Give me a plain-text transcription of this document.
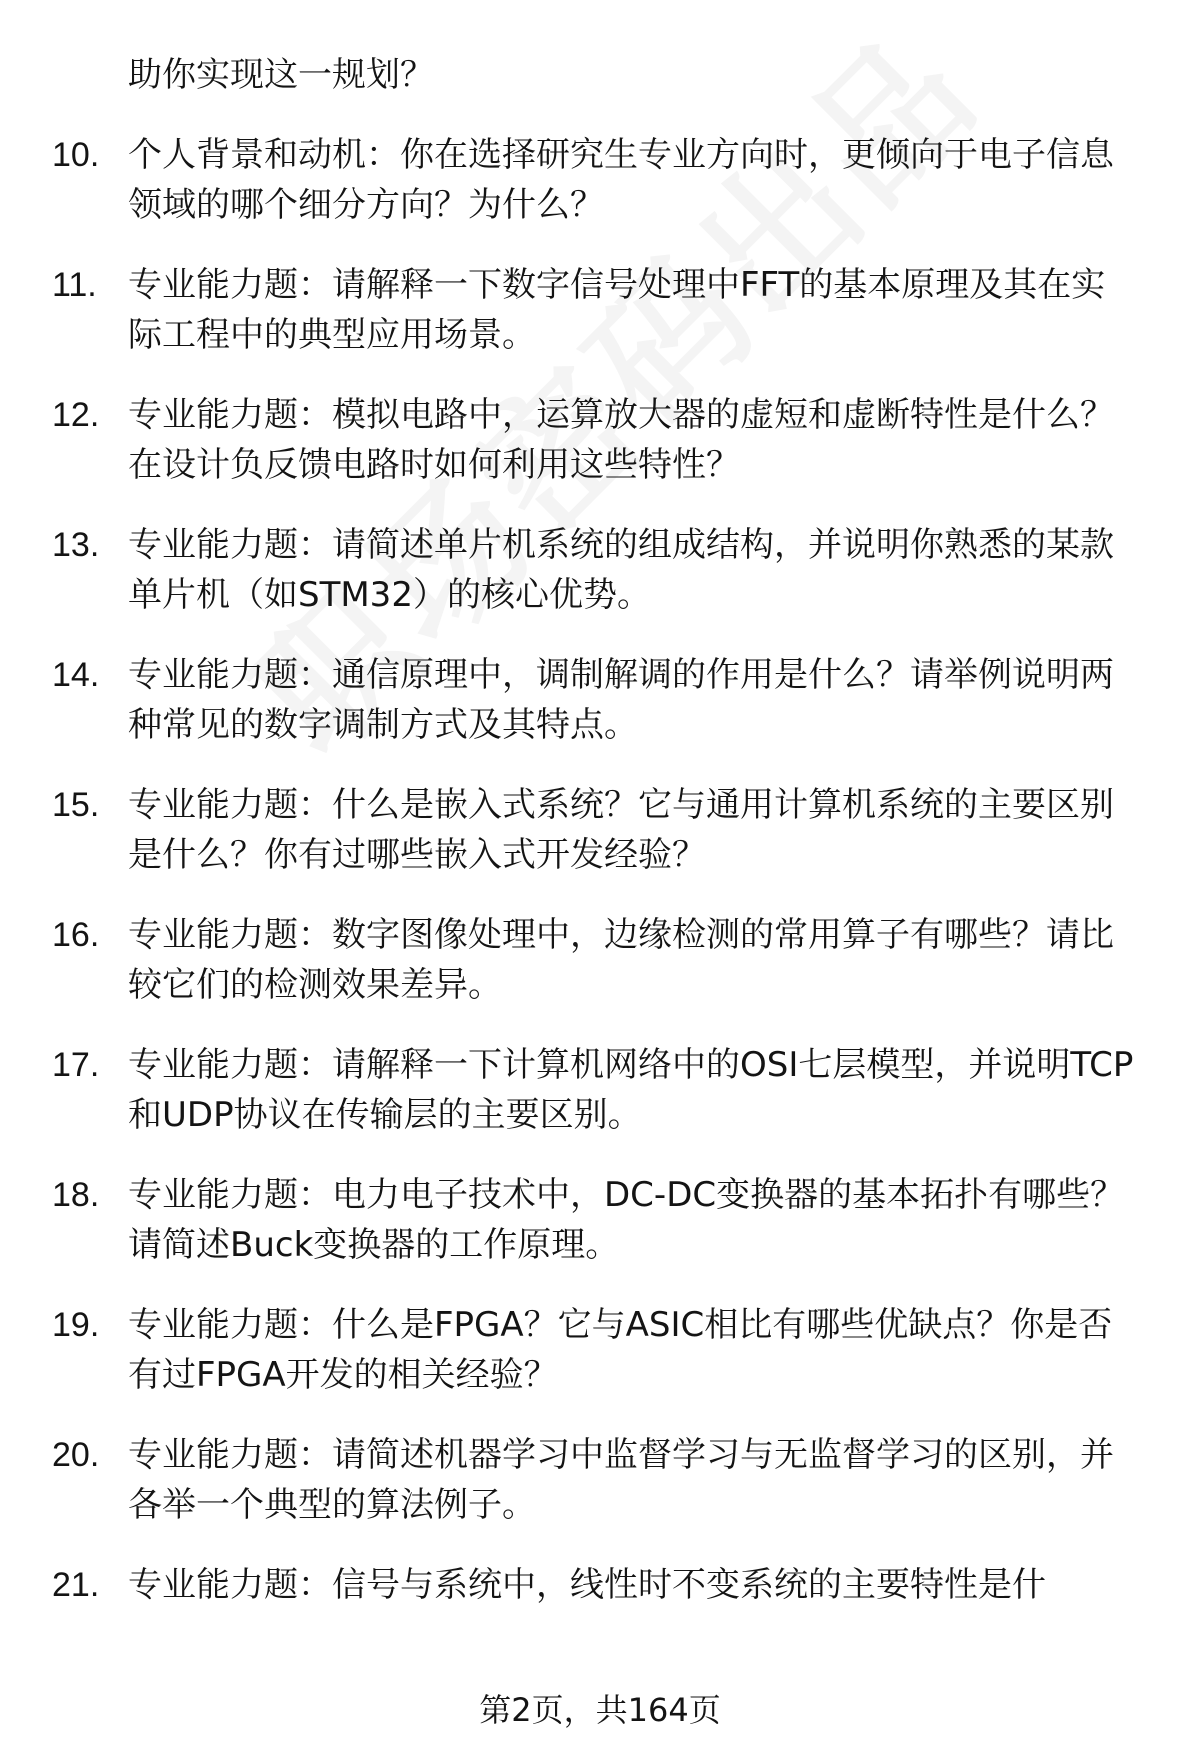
助你实现这一规划？
10. 个人背景和动机：你在选择研究生专业方向时，更倾向于电子信息领域的哪个细分方向？为什么？
11. 专业能力题：请解释一下数字信号处理中FFT的基本原理及其在实际工程中的典型应用场景。
12. 专业能力题：模拟电路中，运算放大器的虚短和虚断特性是什么？在设计负反馈电路时如何利用这些特性？
13. 专业能力题：请简述单片机系统的组成结构，并说明你熟悉的某款单片机（如STM32）的核心优势。
14. 专业能力题：通信原理中，调制解调的作用是什么？请举例说明两种常见的数字调制方式及其特点。
15. 专业能力题：什么是嵌入式系统？它与通用计算机系统的主要区别是什么？你有过哪些嵌入式开发经验？
16. 专业能力题：数字图像处理中，边缘检测的常用算子有哪些？请比较它们的检测效果差异。
17. 专业能力题：请解释一下计算机网络中的OSI七层模型，并说明TCP和UDP协议在传输层的主要区别。
18. 专业能力题：电力电子技术中，DC-DC变换器的基本拓扑有哪些？请简述Buck变换器的工作原理。
19. 专业能力题：什么是FPGA？它与ASIC相比有哪些优缺点？你是否有过FPGA开发的相关经验？
20. 专业能力题：请简述机器学习中监督学习与无监督学习的区别，并各举一个典型的算法例子。
21. 专业能力题：信号与系统中，线性时不变系统的主要特性是什
第2页，共164页
